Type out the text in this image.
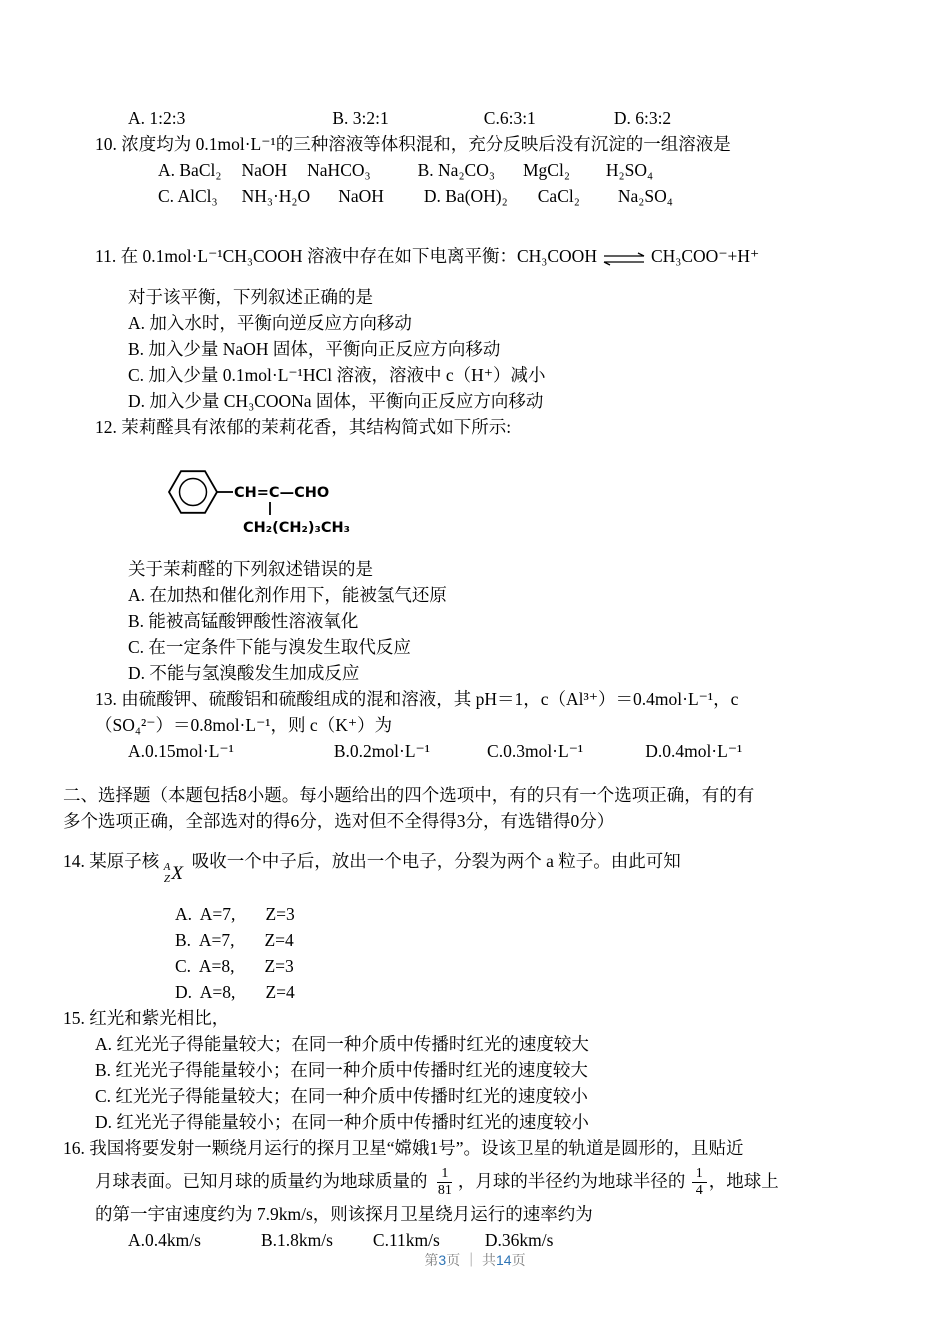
A. 1:2:3	B. 3:2:1	C.6:3:1	D. 6:3:2
10. 浓度均为 0.1mol·L⁻¹的三种溶液等体积混和，充分反映后没有沉淀的一组溶液是
A. BaCl₂ NaOH NaHCO₃	B. Na₂CO₃ MgCl₂ H₂SO₄
C. AlCl₃ NH₃·H₂O NaOH D. Ba(OH)₂ CaCl₂ Na₂SO₄
11. 在 0.1mol·L⁻¹CH₃COOH 溶液中存在如下电离平衡：CH₃COOH ⇌ CH₃COO⁻+H⁺
对于该平衡，下列叙述正确的是
A. 加入水时，平衡向逆反应方向移动
B. 加入少量 NaOH 固体，平衡向正反应方向移动
C. 加入少量 0.1mol·L⁻¹HCl 溶液，溶液中 c（H⁺）减小
D. 加入少量 CH₃COONa 固体，平衡向正反应方向移动
12. 茉莉醛具有浓郁的茉莉花香，其结构简式如下所示:
CH=C—CHO
CH₂(CH₂)₃CH₃
关于茉莉醛的下列叙述错误的是
A. 在加热和催化剂作用下，能被氢气还原
B. 能被高锰酸钾酸性溶液氧化
C. 在一定条件下能与溴发生取代反应
D. 不能与氢溴酸发生加成反应
13. 由硫酸钾、硫酸铝和硫酸组成的混和溶液，其 pH＝1，c（Al³⁺）＝0.4mol·L⁻¹，c
（SO₄²⁻）＝0.8mol·L⁻¹，则 c（K⁺）为
A.0.15mol·L⁻¹	B.0.2mol·L⁻¹	C.0.3mol·L⁻¹	D.0.4mol·L⁻¹
二、选择题（本题包括8小题。每小题给出的四个选项中，有的只有一个选项正确，有的有
多个选项正确，全部选对的得6分，选对但不全得得3分，有选错得0分）
14. 某原子核 A
Z X
吸收一个中子后，放出一个电子，分裂为两个 a 粒子。由此可知
A.  A=7, Z=3
B.  A=7, Z=4
C.  A=8, Z=3
D.  A=8, Z=4
15. 红光和紫光相比，
A. 红光光子得能量较大；在同一种介质中传播时红光的速度较大
B. 红光光子得能量较小；在同一种介质中传播时红光的速度较大
C. 红光光子得能量较大；在同一种介质中传播时红光的速度较小
D. 红光光子得能量较小；在同一种介质中传播时红光的速度较小
16. 我国将要发射一颗绕月运行的探月卫星“嫦娥1号”。设该卫星的轨道是圆形的，且贴近
月球表面。已知月球的质量约为地球质量的 $\frac{1}{81}$ ，月球的半径约为地球半径的 $\frac{1}{4}$ ，地球上
的第一宇宙速度约为 7.9km/s，则该探月卫星绕月运行的速率约为
A.0.4km/s	B.1.8km/s C.11km/s	D.36km/s
第3页 ｜ 共14页
